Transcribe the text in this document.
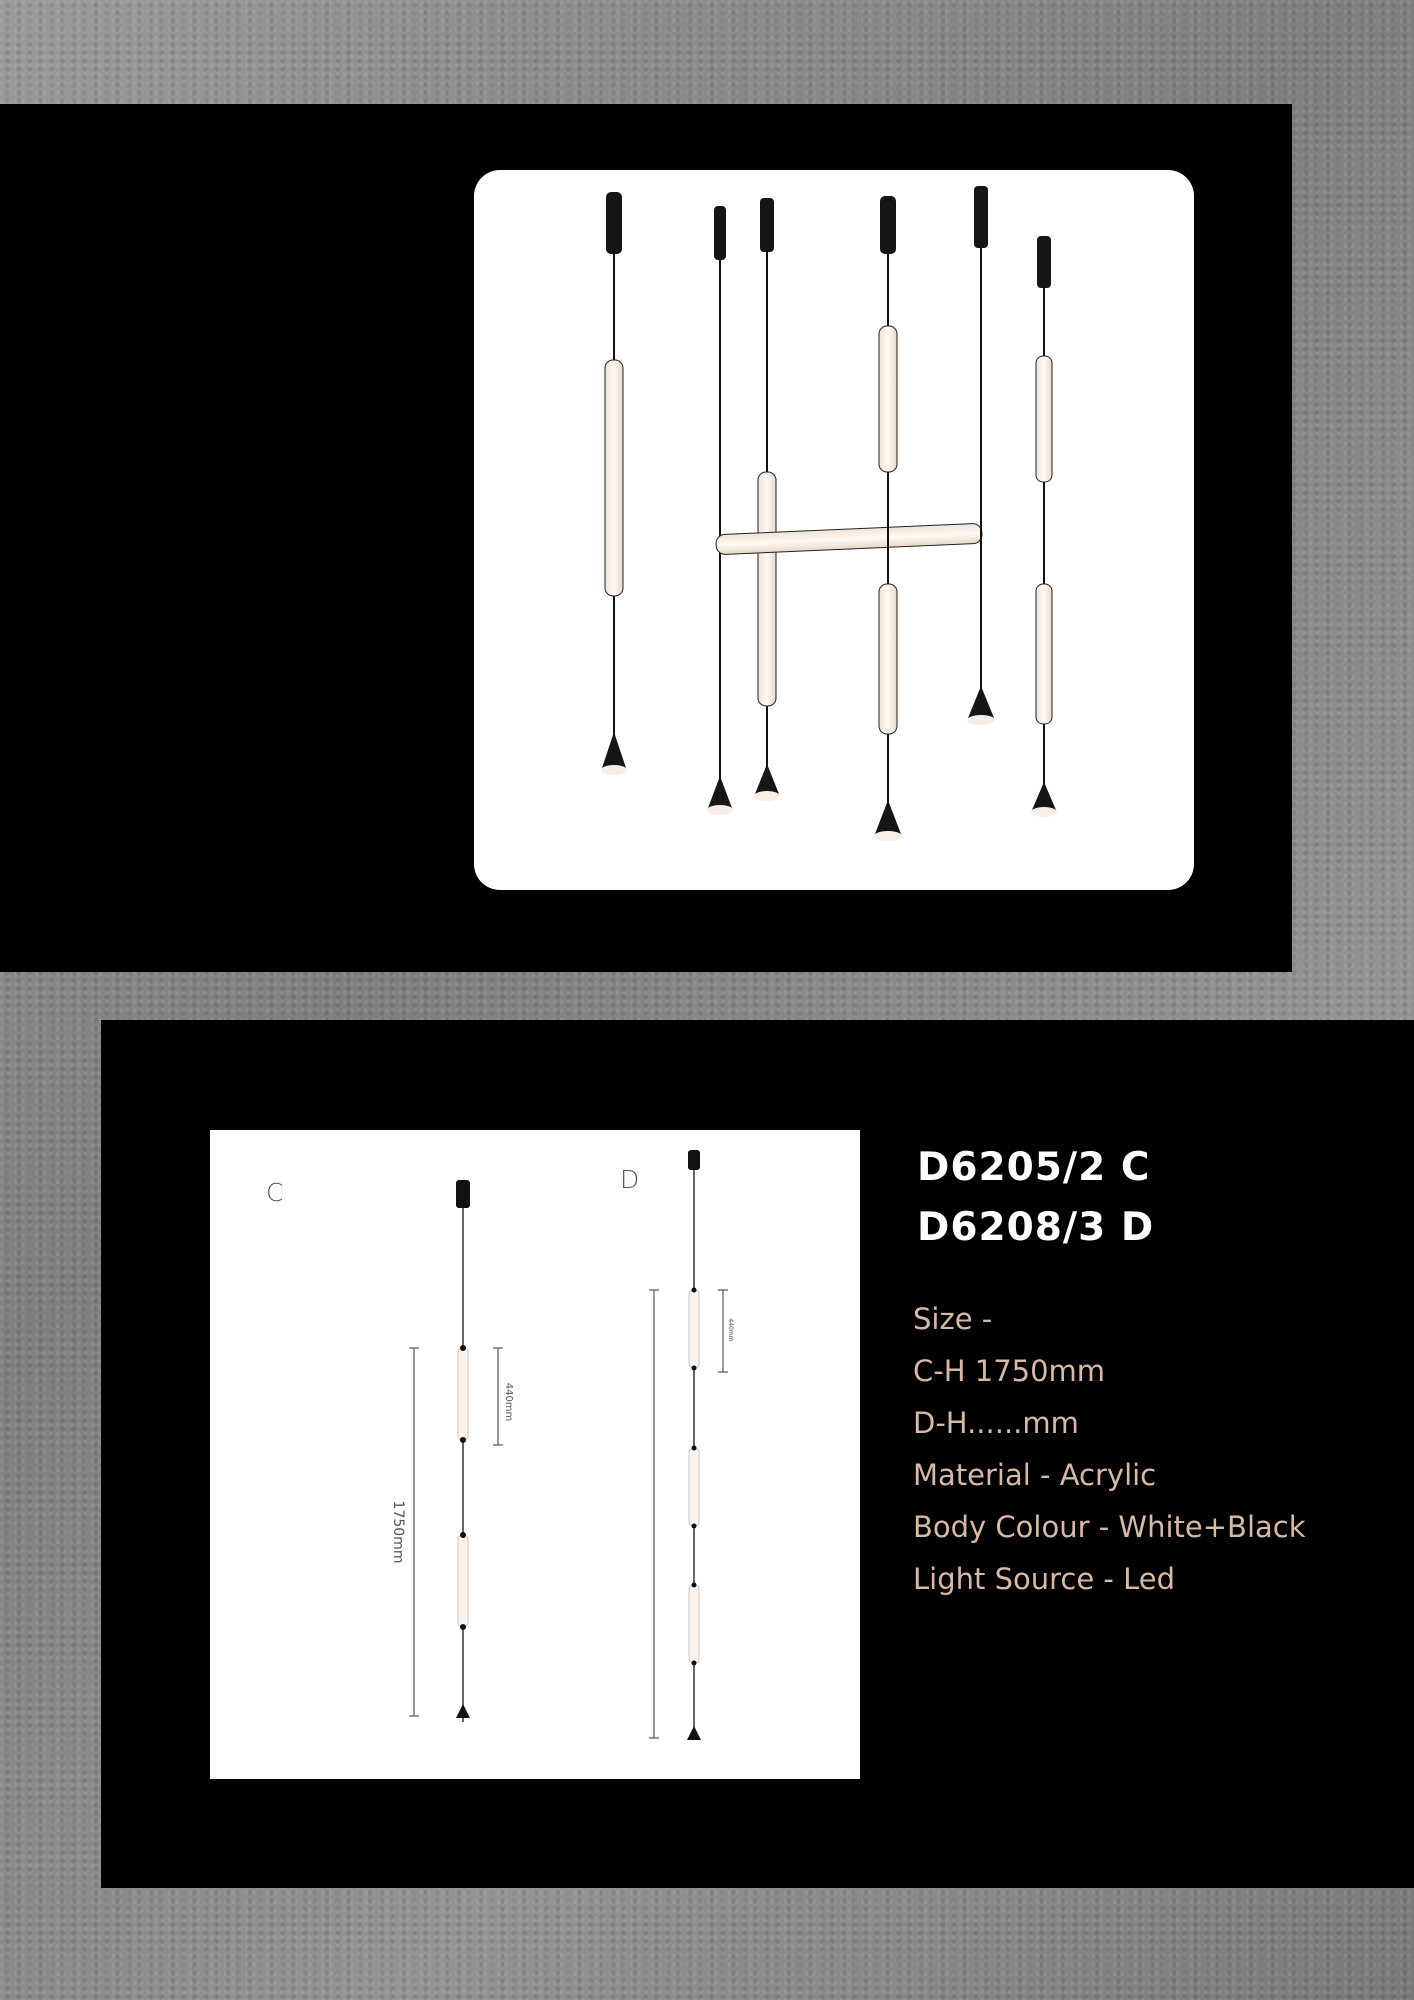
1750mm
440mm
440mm
C	D	D6205/2 C
D6208/3 D
Size -
C-H 1750mm
D-H......mm
Material - Acrylic
Body Colour - White+Black
Light Source - Led
